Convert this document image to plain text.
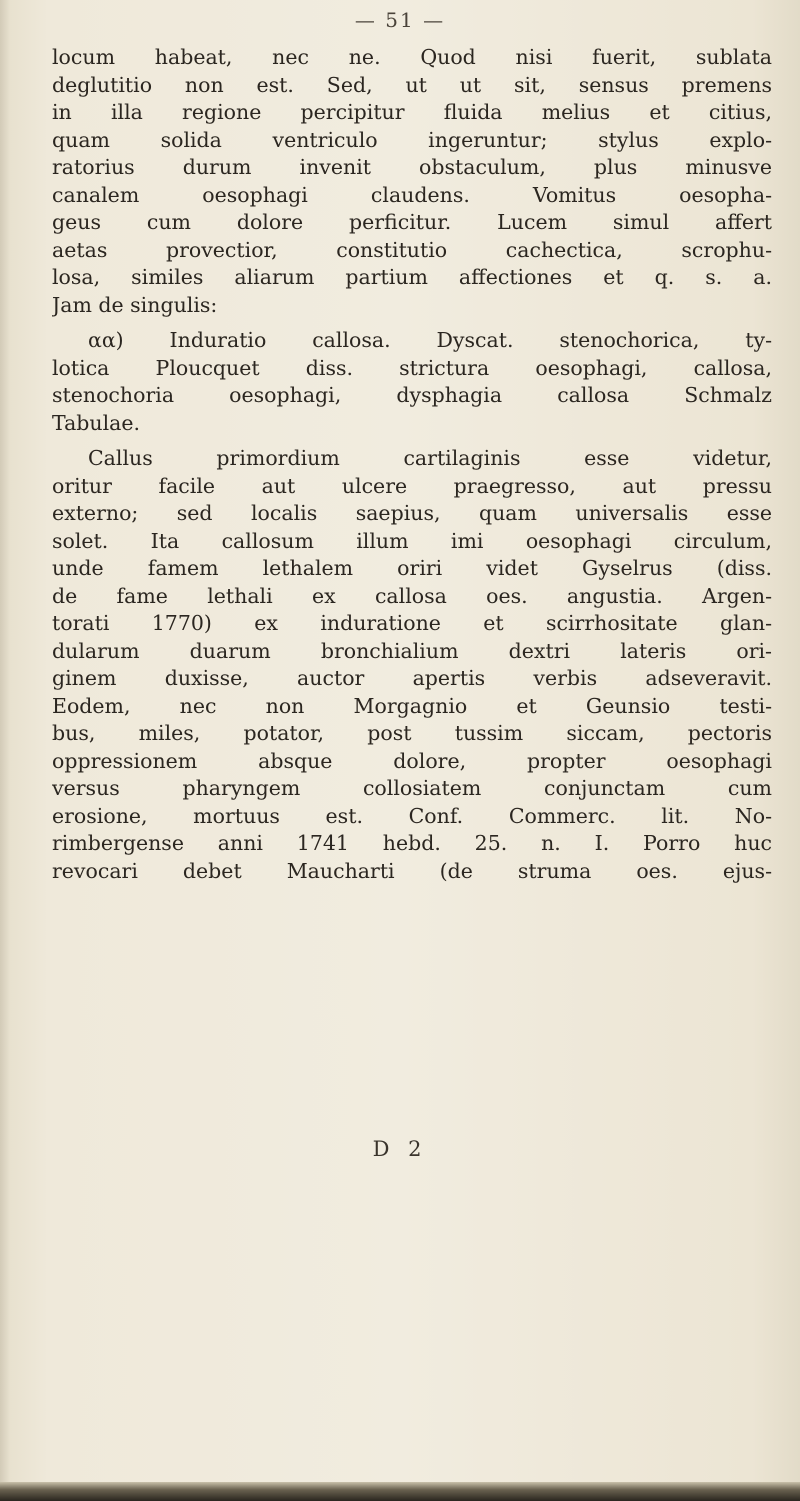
— 51 —
locum habeat, nec ne. Quod nisi fuerit, sublata
deglutitio non est. Sed, ut ut sit, sensus premens
in illa regione percipitur fluida melius et citius,
quam solida ventriculo ingeruntur; stylus explo-
ratorius durum invenit obstaculum, plus minusve
canalem oesophagi claudens. Vomitus oesopha-
geus cum dolore perficitur. Lucem simul affert
aetas provectior, constitutio cachectica, scrophu-
losa, similes aliarum partium affectiones et q. s. a.
Jam de singulis:
αα) Induratio callosa. Dyscat. stenochorica, ty-
lotica Ploucquet diss. strictura oesophagi, callosa,
stenochoria oesophagi, dysphagia callosa Schmalz
Tabulae.
Callus primordium cartilaginis esse videtur,
oritur facile aut ulcere praegresso, aut pressu
externo; sed localis saepius, quam universalis esse
solet. Ita callosum illum imi oesophagi circulum,
unde famem lethalem oriri videt Gyselrus (diss.
de fame lethali ex callosa oes. angustia. Argen-
torati 1770) ex induratione et scirrhositate glan-
dularum duarum bronchialium dextri lateris ori-
ginem duxisse, auctor apertis verbis adseveravit.
Eodem, nec non Morgagnio et Geunsio testi-
bus, miles, potator, post tussim siccam, pectoris
oppressionem absque dolore, propter oesophagi
versus pharyngem collosiatem conjunctam cum
erosione, mortuus est. Conf. Commerc. lit. No-
rimbergense anni 1741 hebd. 25. n. I. Porro huc
revocari debet Maucharti (de struma oes. ejus-
D 2
